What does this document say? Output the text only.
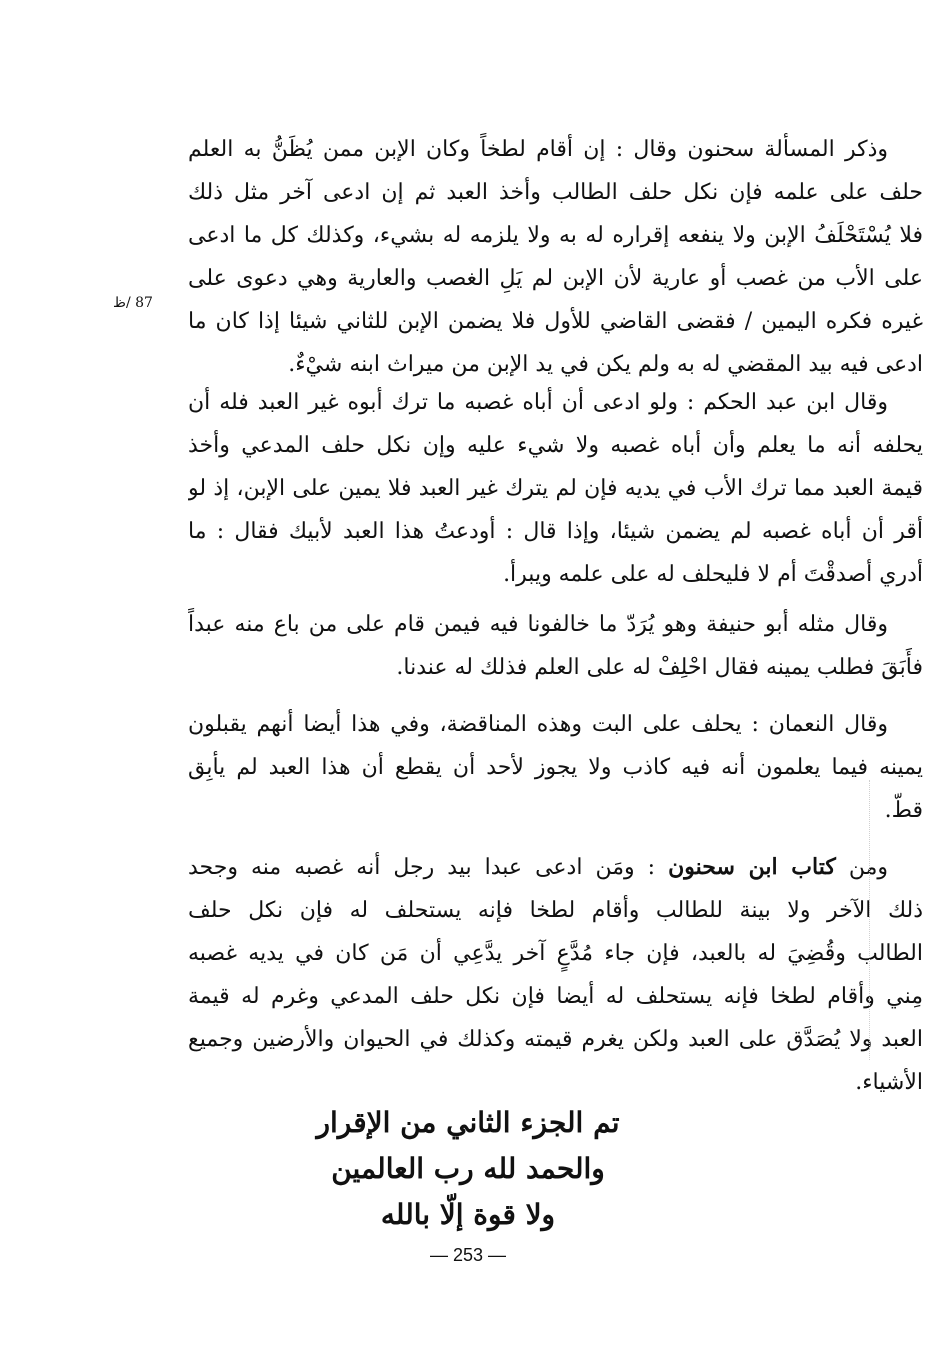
وذكر المسألة سحنون وقال : إن أقام لطخاً وكان الإبن ممن يُظَنُّ به العلم
حلف على علمه فإن نكل حلف الطالب وأخذ العبد ثم إن ادعى آخر مثل ذلك
فلا يُسْتَحْلَفُ الإبن ولا ينفعه إقراره له به ولا يلزمه له بشيء، وكذلك كل ما ادعى
على الأب من غصب أو عارية لأن الإبن لم يَلِ الغصب والعارية وهي دعوى على
غيره فكره اليمين / فقضى القاضي للأول فلا يضمن الإبن للثاني شيئا إذا كان ما
ادعى فيه بيد المقضي له به ولم يكن في يد الإبن من ميراث ابنه شيْءٌ.
87 /ظ
وقال ابن عبد الحكم : ولو ادعى أن أباه غصبه ما ترك أبوه غير العبد فله أن
يحلفه أنه ما يعلم وأن أباه غصبه ولا شيء عليه وإن نكل حلف المدعي وأخذ
قيمة العبد مما ترك الأب في يديه فإن لم يترك غير العبد فلا يمين على الإبن، إذ لو
أقر أن أباه غصبه لم يضمن شيئا، وإذا قال : أودعتُ هذا العبد لأبيك فقال : ما
أدري أصدقْتَ أم لا فليحلف له على علمه ويبرأ.
وقال مثله أبو حنيفة وهو يُرَدّ ما خالفونا فيه فيمن قام على من باع منه عبداً
فأَبَقَ فطلب يمينه فقال احْلِفْ له على العلم فذلك له عندنا.
وقال النعمان : يحلف على البت وهذه المناقضة، وفي هذا أيضا أنهم يقبلون
يمينه فيما يعلمون أنه فيه كاذب ولا يجوز لأحد أن يقطع أن هذا العبد لم يأبِق
قطّ.
ومن كتاب ابن سحنون : ومَن ادعى عبدا بيد رجل أنه غصبه منه وجحد
ذلك الآخر ولا بينة للطالب وأقام لطخا فإنه يستحلف له فإن نكل حلف
الطالب وقُضِيَ له بالعبد، فإن جاء مُدَّعٍ آخر يدَّعِي أن مَن كان في يديه غصبه
مِني وأقام لطخا فإنه يستحلف له أيضا فإن نكل حلف المدعي وغرم له قيمة
العبد ولا يُصَدَّق على العبد ولكن يغرم قيمته وكذلك في الحيوان والأرضين وجميع
الأشياء.
تم الجزء الثاني من الإقرار
والحمد لله رب العالمين
ولا قوة إلّا بالله
— 253 —
